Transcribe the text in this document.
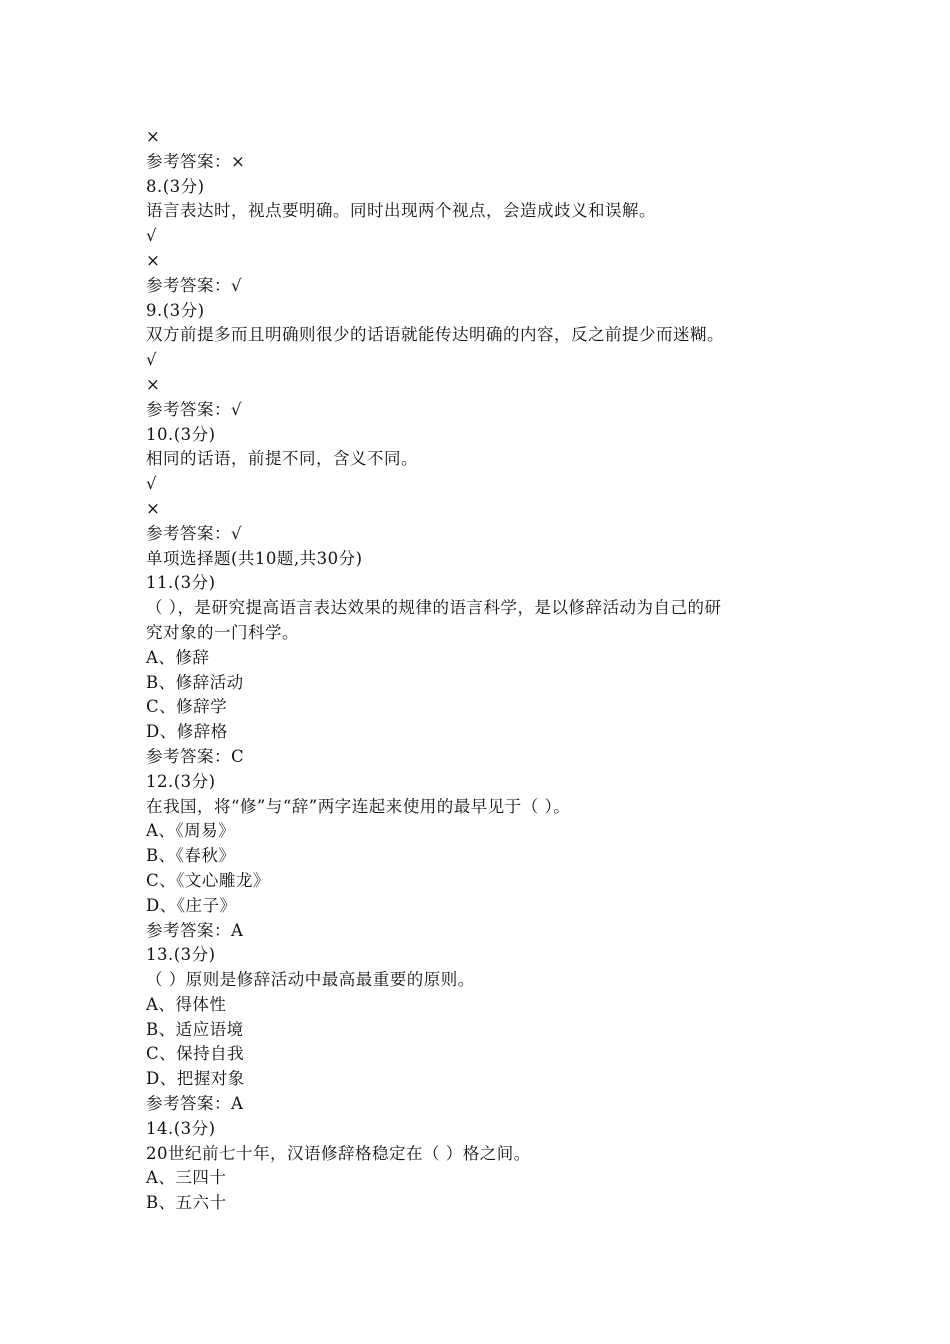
×
参考答案：×
8.(3分)
语言表达时，视点要明确。同时出现两个视点，会造成歧义和误解。
√
×
参考答案：√
9.(3分)
双方前提多而且明确则很少的话语就能传达明确的内容，反之前提少而迷糊。
√
×
参考答案：√
10.(3分)
相同的话语，前提不同，含义不同。
√
×
参考答案：√
单项选择题(共10题,共30分)
11.(3分)
（ ），是研究提高语言表达效果的规律的语言科学，是以修辞活动为自己的研
究对象的一门科学。
A、修辞
B、修辞活动
C、修辞学
D、修辞格
参考答案：C
12.(3分)
在我国，将“修”与“辞”两字连起来使用的最早见于（ ）。
A、《周易》
B、《春秋》
C、《文心雕龙》
D、《庄子》
参考答案：A
13.(3分)
（ ）原则是修辞活动中最高最重要的原则。
A、得体性
B、适应语境
C、保持自我
D、把握对象
参考答案：A
14.(3分)
20世纪前七十年，汉语修辞格稳定在（ ）格之间。
A、三四十
B、五六十
